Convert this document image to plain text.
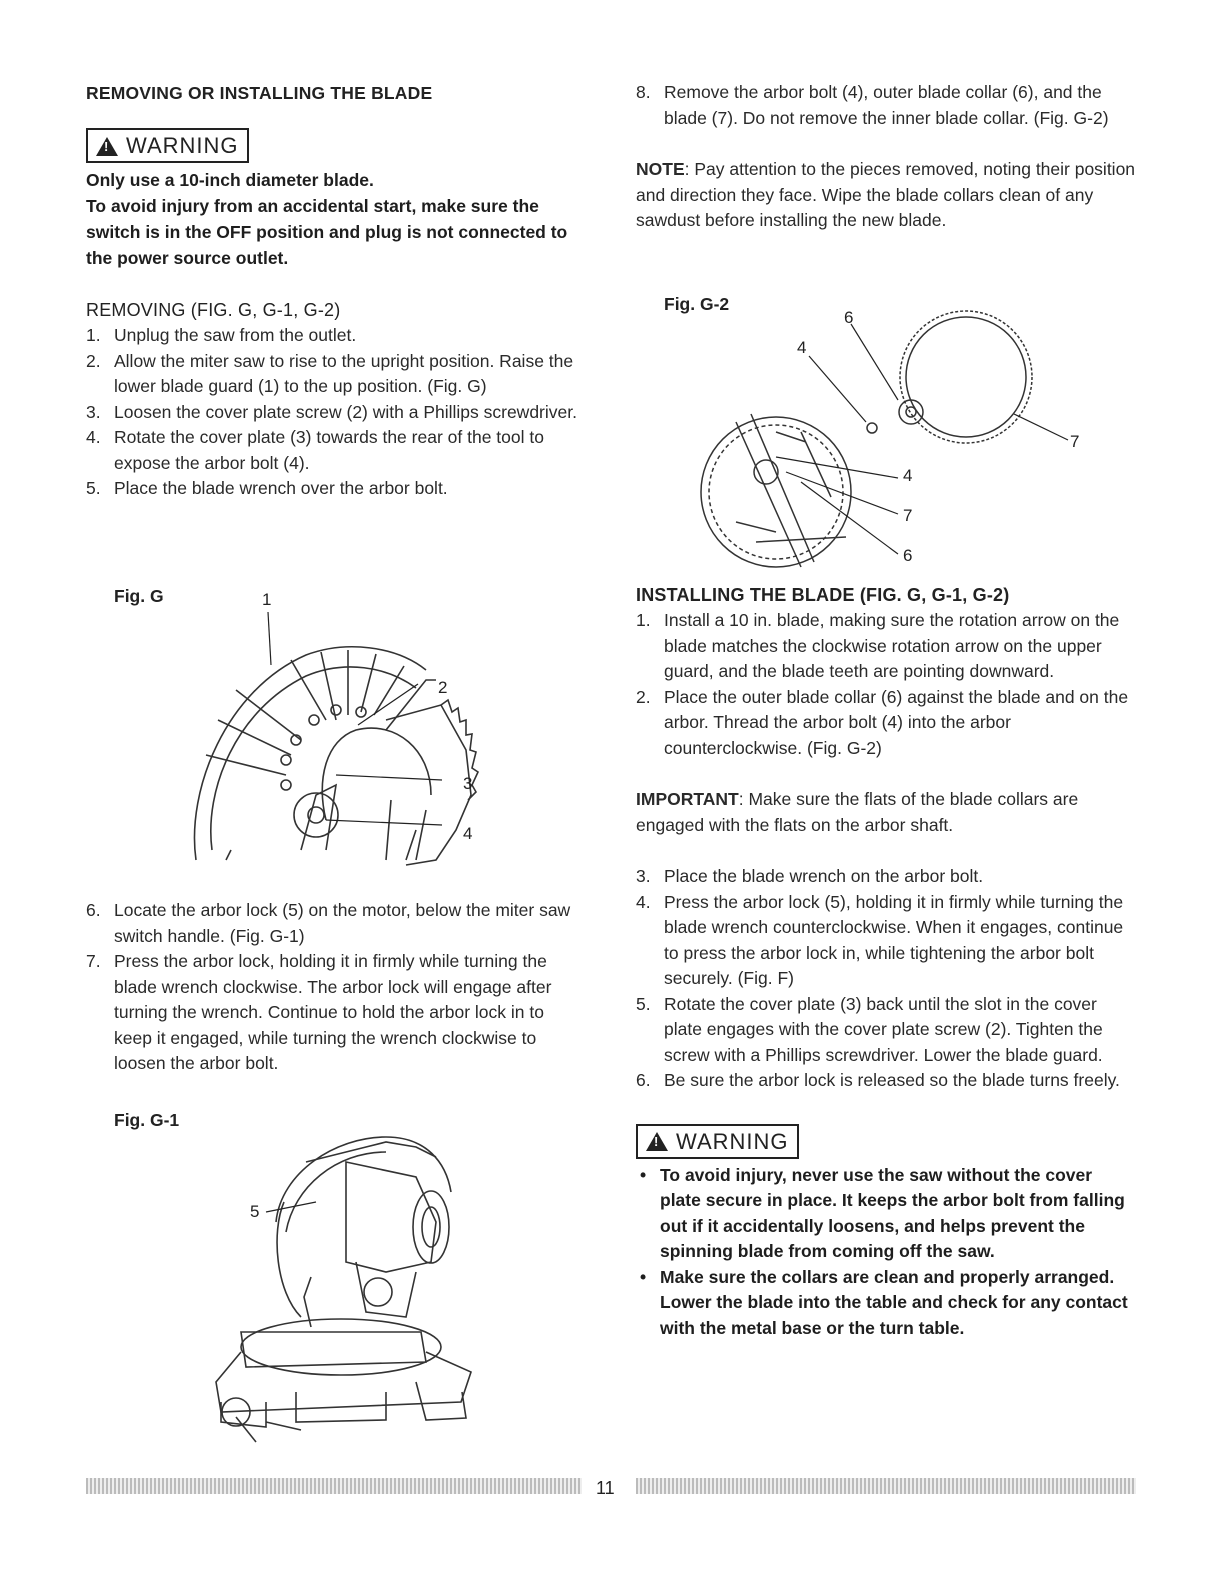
REMOVING OR INSTALLING THE BLADE

! WARNING

Only use a 10-inch diameter blade.

To avoid injury from an accidental start, make sure the switch is in the OFF position and plug is not connected to the power source outlet.

REMOVING (FIG. G, G-1, G-2)

1. Unplug the saw from the outlet.
2. Allow the miter saw to rise to the upright position. Raise the lower blade guard (1) to the up position. (Fig. G)
3. Loosen the cover plate screw (2) with a Phillips screwdriver.
4. Rotate the cover plate (3) towards the rear of the tool to expose the arbor bolt (4).
5. Place the blade wrench over the arbor bolt.
Fig. G	1
2
3
4
6. Locate the arbor lock (5) on the motor, below the miter saw switch handle. (Fig. G-1)
7. Press the arbor lock, holding it in firmly while turning the blade wrench clockwise. The arbor lock will engage after turning the wrench. Continue to hold the arbor lock in to keep it engaged, while turning the wrench clockwise to loosen the arbor bolt.
Fig. G-1
5
8. Remove the arbor bolt (4), outer blade collar (6), and the blade (7). Do not remove the inner blade collar. (Fig. G-2)

NOTE: Pay attention to the pieces removed, noting their position and direction they face. Wipe the blade collars clean of any sawdust before installing the new blade.

Fig. G-2
6
4
7
4
7
6

INSTALLING THE BLADE (FIG. G, G-1, G-2)

1. Install a 10 in. blade, making sure the rotation arrow on the blade matches the clockwise rotation arrow on the upper guard, and the blade teeth are pointing downward.
2. Place the outer blade collar (6) against the blade and on the arbor. Thread the arbor bolt (4) into the arbor counterclockwise. (Fig. G-2)

IMPORTANT: Make sure the flats of the blade collars are engaged with the flats on the arbor shaft.

3. Place the blade wrench on the arbor bolt.
4. Press the arbor lock (5), holding it in firmly while turning the blade wrench counterclockwise. When it engages, continue to press the arbor lock in, while tightening the arbor bolt securely. (Fig. F)
5. Rotate the cover plate (3) back until the slot in the cover plate engages with the cover plate screw (2). Tighten the screw with a Phillips screwdriver. Lower the blade guard.
6. Be sure the arbor lock is released so the blade turns freely.
! WARNING
• To avoid injury, never use the saw without the cover plate secure in place. It keeps the arbor bolt from falling out if it accidentally loosens, and helps prevent the spinning blade from coming off the saw.
• Make sure the collars are clean and properly arranged. Lower the blade into the table and check for any contact with the metal base or the turn table.
11
